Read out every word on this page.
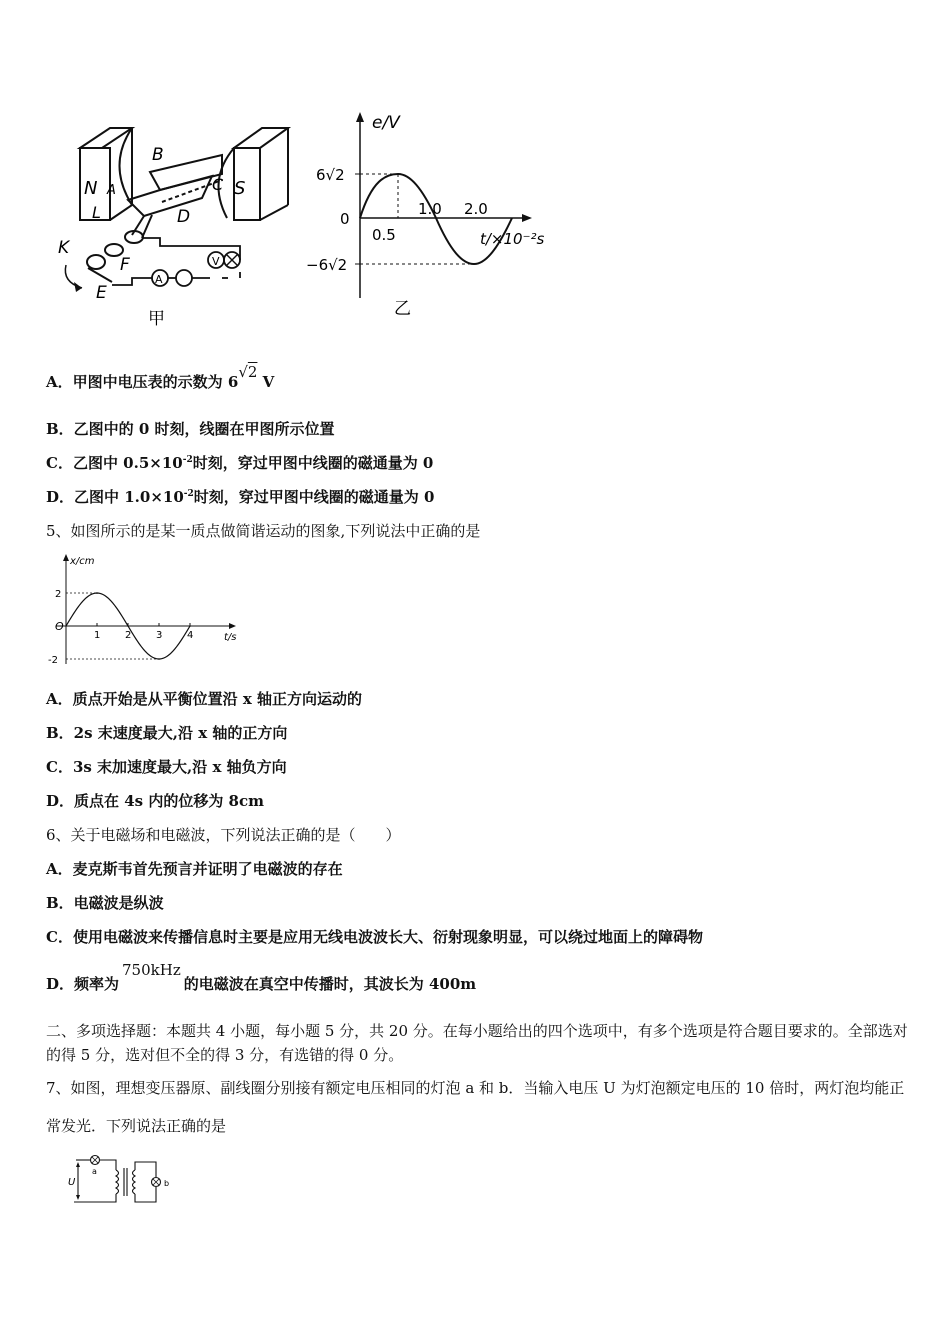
B
N A
L
C S
D
K
F
E
A
V
甲
e/V
6√2
0
−6√2
0.5
1.0 2.0
t/×10⁻²s
乙
A．甲图中电压表的示数为 6√2 V
B．乙图中的 0 时刻，线圈在甲图所示位置
C．乙图中 $0.5\times 10^{-2}$时刻，穿过甲图中线圈的磁通量为 0
D．乙图中 $1.0\times 10^{-2}$时刻，穿过甲图中线圈的磁通量为 0
5、如图所示的是某一质点做简谐运动的图象,下列说法中正确的是
1 2 3 4
2
-2
x/cm
t/s
O
A．质点开始是从平衡位置沿 x 轴正方向运动的
B．2s 末速度最大,沿 x 轴的正方向
C．3s 末加速度最大,沿 x 轴负方向
D．质点在 4s 内的位移为 8cm
6、关于电磁场和电磁波，下列说法正确的是（　　）
A．麦克斯韦首先预言并证明了电磁波的存在
B．电磁波是纵波
C．使用电磁波来传播信息时主要是应用无线电波波长大、衍射现象明显，可以绕过地面上的障碍物
D．频率为750kHz的电磁波在真空中传播时，其波长为 400m
二、多项选择题：本题共 4 小题，每小题 5 分，共 20 分。在每小题给出的四个选项中，有多个选项是符合题目要求的。全部选对的得 5 分，选对但不全的得 3 分，有选错的得 0 分。
7、如图，理想变压器原、副线圈分别接有额定电压相同的灯泡 a 和 b．当输入电压 U 为灯泡额定电压的 10 倍时，两灯泡均能正常发光．下列说法正确的是
U
a
b
